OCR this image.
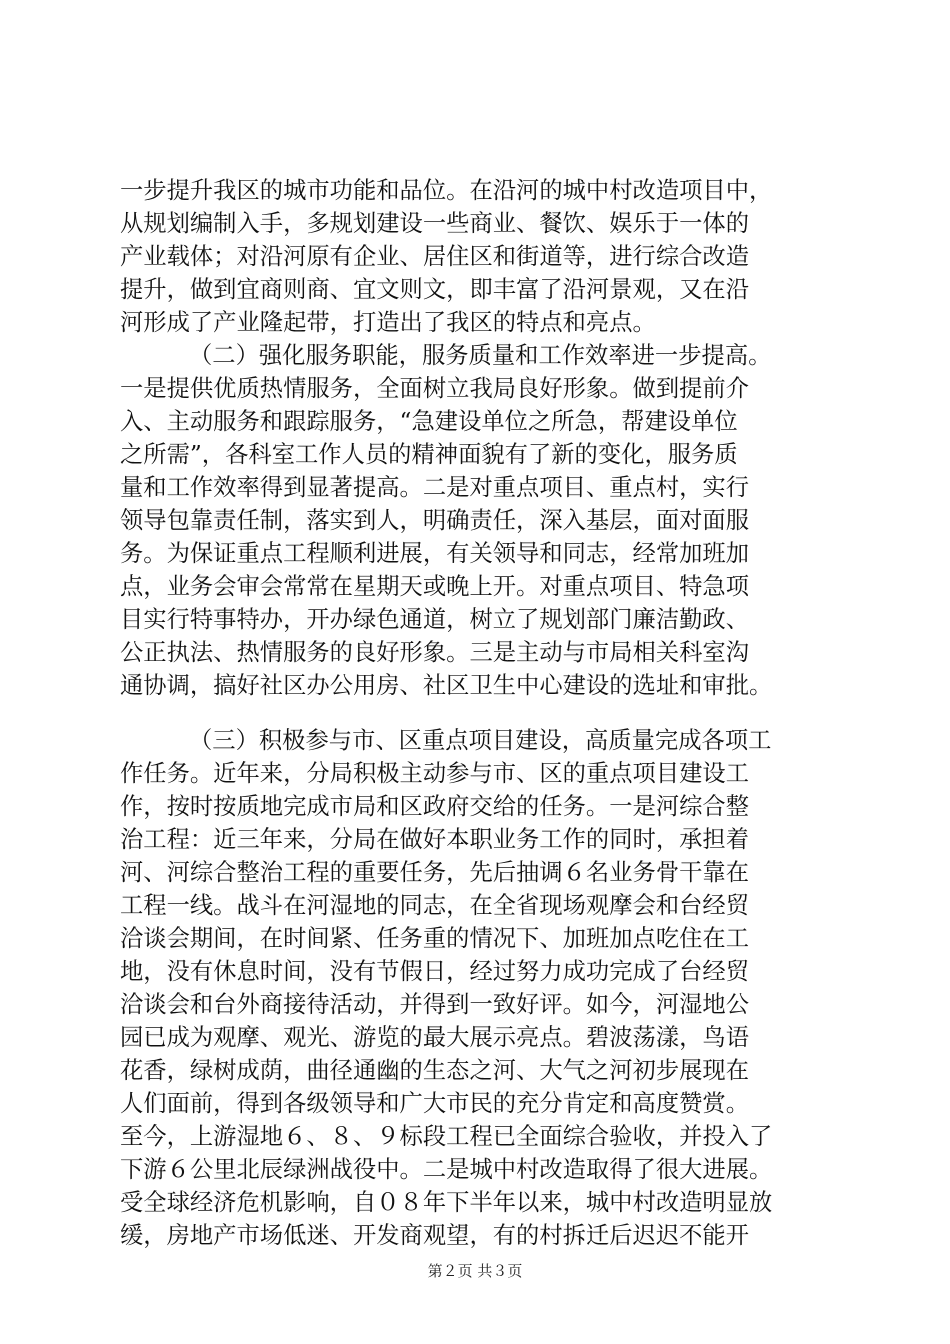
一步提升我区的城市功能和品位。在沿河的城中村改造项目中，
从规划编制入手，多规划建设一些商业、餐饮、娱乐于一体的
产业载体；对沿河原有企业、居住区和街道等，进行综合改造
提升，做到宜商则商、宜文则文，即丰富了沿河景观，又在沿
河形成了产业隆起带，打造出了我区的特点和亮点。
（二）强化服务职能，服务质量和工作效率进一步提高。
一是提供优质热情服务，全面树立我局良好形象。做到提前介
入、主动服务和跟踪服务，“急建设单位之所急，帮建设单位
之所需”，各科室工作人员的精神面貌有了新的变化，服务质
量和工作效率得到显著提高。二是对重点项目、重点村，实行
领导包靠责任制，落实到人，明确责任，深入基层，面对面服
务。为保证重点工程顺利进展，有关领导和同志，经常加班加
点，业务会审会常常在星期天或晚上开。对重点项目、特急项
目实行特事特办，开办绿色通道，树立了规划部门廉洁勤政、
公正执法、热情服务的良好形象。三是主动与市局相关科室沟
通协调，搞好社区办公用房、社区卫生中心建设的选址和审批。
（三）积极参与市、区重点项目建设，高质量完成各项工
作任务。近年来，分局积极主动参与市、区的重点项目建设工
作，按时按质地完成市局和区政府交给的任务。一是河综合整
治工程：近三年来，分局在做好本职业务工作的同时，承担着
河、河综合整治工程的重要任务，先后抽调６名业务骨干靠在
工程一线。战斗在河湿地的同志，在全省现场观摩会和台经贸
洽谈会期间，在时间紧、任务重的情况下、加班加点吃住在工
地，没有休息时间，没有节假日，经过努力成功完成了台经贸
洽谈会和台外商接待活动，并得到一致好评。如今，河湿地公
园已成为观摩、观光、游览的最大展示亮点。碧波荡漾，鸟语
花香，绿树成荫，曲径通幽的生态之河、大气之河初步展现在
人们面前，得到各级领导和广大市民的充分肯定和高度赞赏。
至今，上游湿地６、８、９标段工程已全面综合验收，并投入了
下游６公里北辰绿洲战役中。二是城中村改造取得了很大进展。
受全球经济危机影响，自０８年下半年以来，城中村改造明显放
缓，房地产市场低迷、开发商观望，有的村拆迁后迟迟不能开
第２页 共３页
